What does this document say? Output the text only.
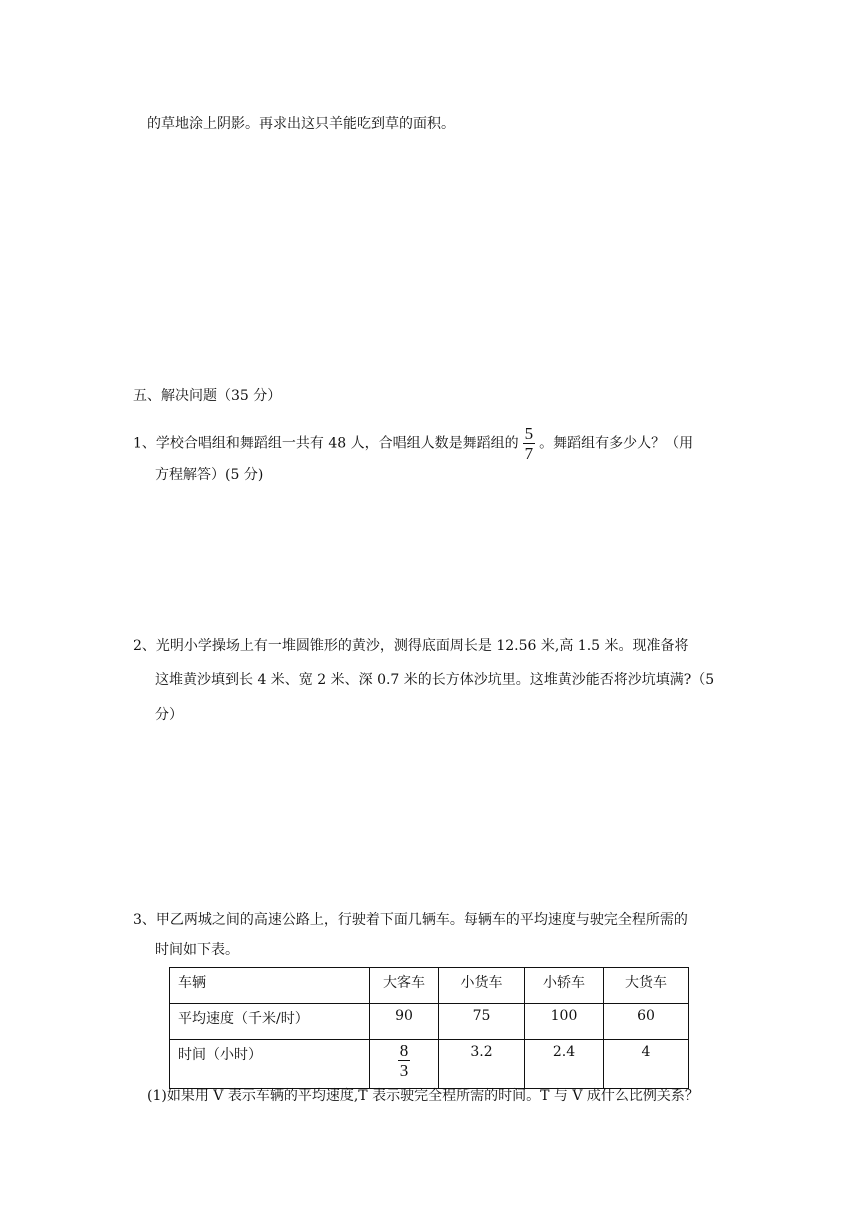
的草地涂上阴影。再求出这只羊能吃到草的面积。
五、解决问题（35 分）
1、学校合唱组和舞蹈组一共有 48 人，合唱组人数是舞蹈组的 $\frac{5}{7}$ 。舞蹈组有多少人？（用
方程解答）(5 分)
2、光明小学操场上有一堆圆锥形的黄沙，测得底面周长是 12.56 米,高 1.5 米。现准备将
这堆黄沙填到长 4 米、宽 2 米、深 0.7 米的长方体沙坑里。这堆黄沙能否将沙坑填满?（5
分）
3、甲乙两城之间的高速公路上，行驶着下面几辆车。每辆车的平均速度与驶完全程所需的
时间如下表。
车辆	大客车	小货车	小轿车	大货车
平均速度（千米/时）	90	75	100	60
时间（小时）	$\frac{8}{3}$	3.2	2.4	4
(1)如果用 V 表示车辆的平均速度,T 表示驶完全程所需的时间。T 与 V 成什么比例关系？
